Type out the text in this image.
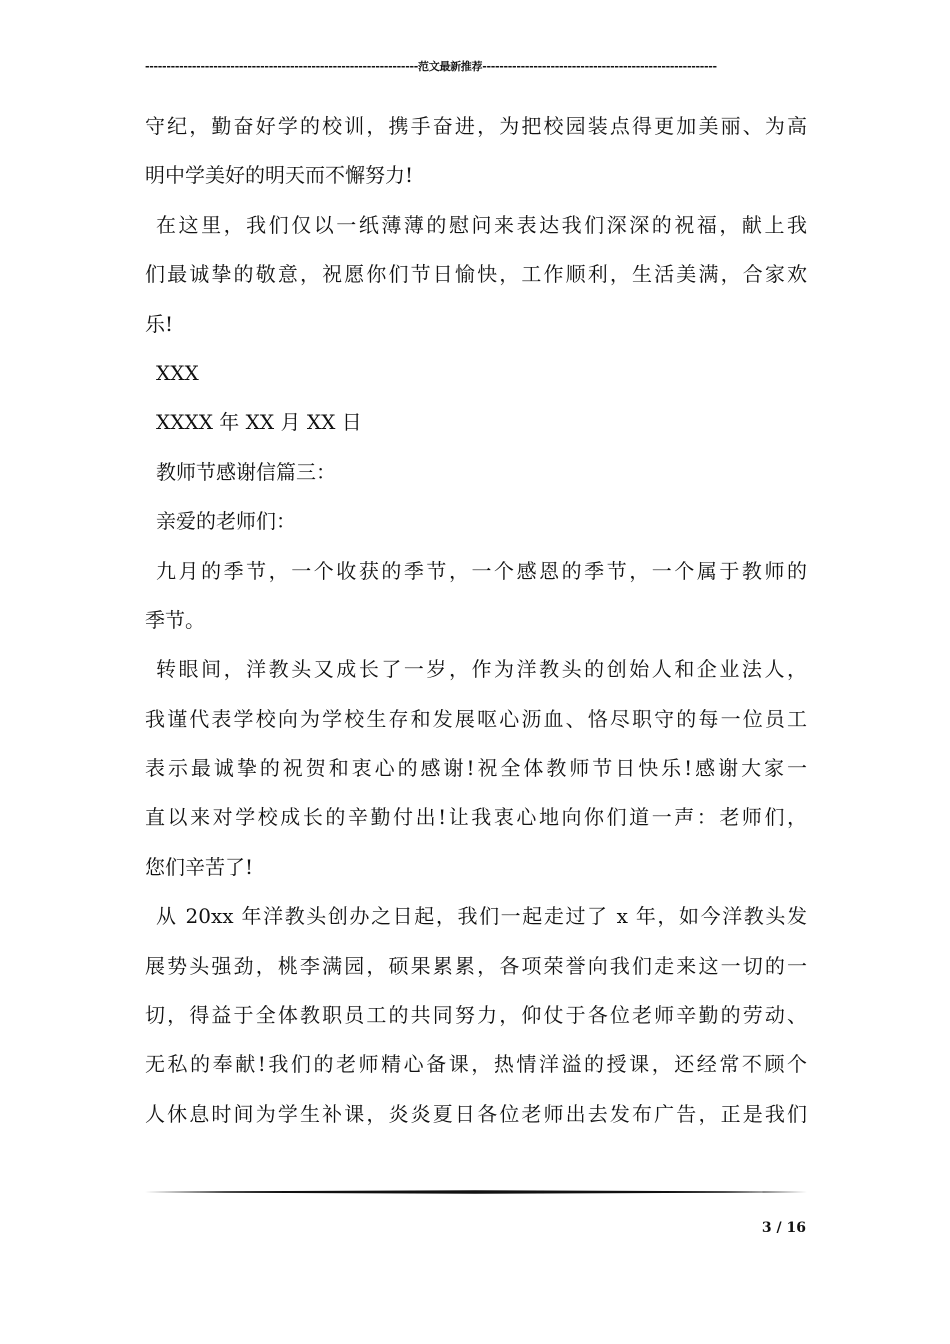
----------------------------------------------------------------范文最新推荐-------------------------------------------------------
守纪，勤奋好学的校训，携手奋进，为把校园装点得更加美丽、为高
明中学美好的明天而不懈努力!
在这里，我们仅以一纸薄薄的慰问来表达我们深深的祝福，献上我
们最诚挚的敬意，祝愿你们节日愉快，工作顺利，生活美满，合家欢
乐!
XXX
XXXX 年 XX 月 XX 日
教师节感谢信篇三：
亲爱的老师们：
九月的季节，一个收获的季节，一个感恩的季节，一个属于教师的
季节。
转眼间，洋教头又成长了一岁，作为洋教头的创始人和企业法人，
我谨代表学校向为学校生存和发展呕心沥血、恪尽职守的每一位员工
表示最诚挚的祝贺和衷心的感谢!祝全体教师节日快乐!感谢大家一
直以来对学校成长的辛勤付出!让我衷心地向你们道一声：老师们，
您们辛苦了!
从 20xx 年洋教头创办之日起，我们一起走过了 x 年，如今洋教头发
展势头强劲，桃李满园，硕果累累，各项荣誉向我们走来这一切的一
切，得益于全体教职员工的共同努力，仰仗于各位老师辛勤的劳动、
无私的奉献!我们的老师精心备课，热情洋溢的授课，还经常不顾个
人休息时间为学生补课，炎炎夏日各位老师出去发布广告，正是我们
3 / 16
